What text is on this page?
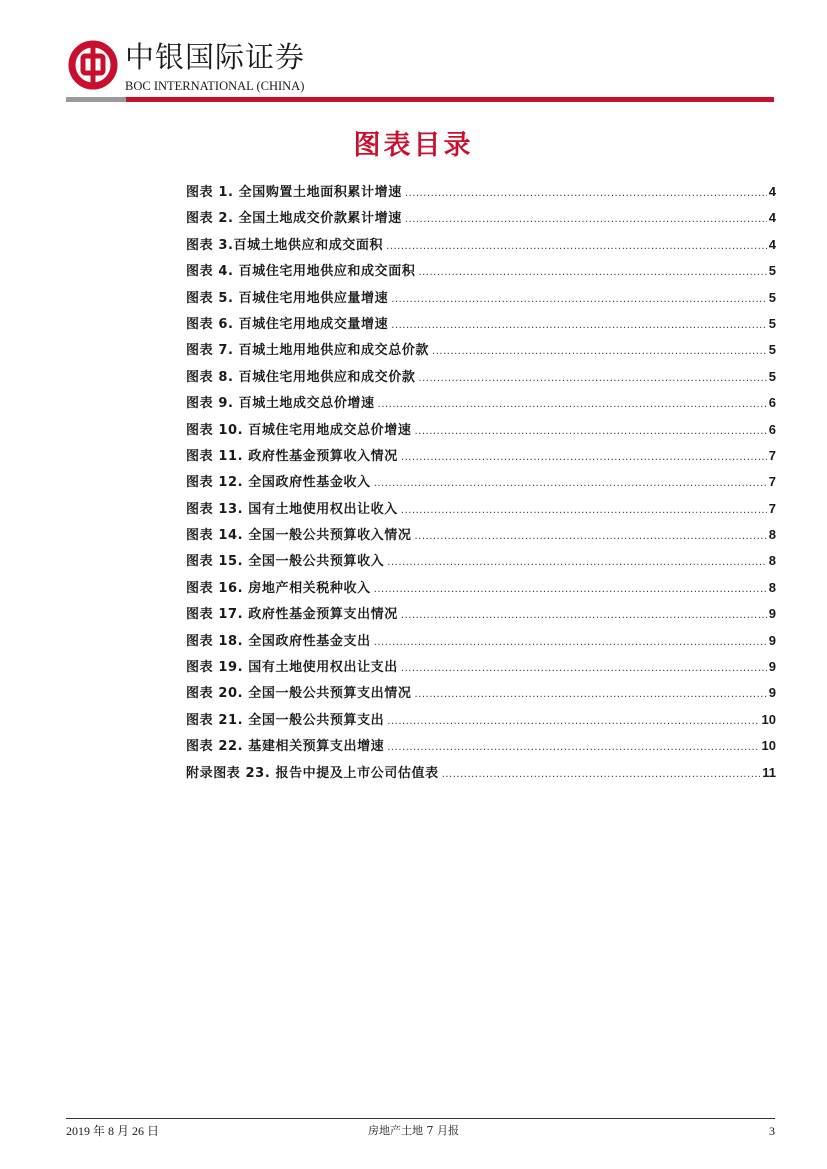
中银国际证券
BOC INTERNATIONAL (CHINA)
图表目录
图表 1. 全国购置土地面积累计增速 .....	4
图表 2. 全国土地成交价款累计增速 .....	4
图表 3.百城土地供应和成交面积 .....	4
图表 4. 百城住宅用地供应和成交面积 .....	5
图表 5. 百城住宅用地供应量增速 .....	5
图表 6. 百城住宅用地成交量增速 .....	5
图表 7. 百城土地用地供应和成交总价款 .....	5
图表 8. 百城住宅用地供应和成交价款 .....	5
图表 9. 百城土地成交总价增速 .....	6
图表 10. 百城住宅用地成交总价增速 .....	6
图表 11. 政府性基金预算收入情况 .....	7
图表 12. 全国政府性基金收入 .....	7
图表 13. 国有土地使用权出让收入 .....	7
图表 14. 全国一般公共预算收入情况 .....	8
图表 15. 全国一般公共预算收入 .....	8
图表 16. 房地产相关税种收入 .....	8
图表 17. 政府性基金预算支出情况 .....	9
图表 18. 全国政府性基金支出 .....	9
图表 19. 国有土地使用权出让支出 .....	9
图表 20. 全国一般公共预算支出情况 .....	9
图表 21. 全国一般公共预算支出 .....	10
图表 22. 基建相关预算支出增速 .....	10
附录图表 23. 报告中提及上市公司估值表 .....	11
2019 年 8 月 26 日	房地产土地 7 月报	3
